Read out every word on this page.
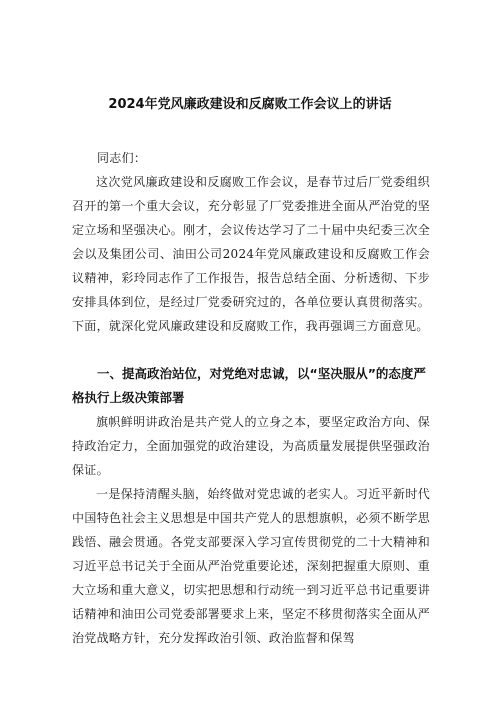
2024年党风廉政建设和反腐败工作会议上的讲话
同志们：

这次党风廉政建设和反腐败工作会议，是春节过后厂党委组织召开的第一个重大会议，充分彰显了厂党委推进全面从严治党的坚定立场和坚强决心。刚才，会议传达学习了二十届中央纪委三次全会以及集团公司、油田公司2024年党风廉政建设和反腐败工作会议精神，彩玲同志作了工作报告，报告总结全面、分析透彻、下步安排具体到位，是经过厂党委研究过的，各单位要认真贯彻落实。下面，就深化党风廉政建设和反腐败工作，我再强调三方面意见。

一、提高政治站位，对党绝对忠诚，以“坚决服从”的态度严格执行上级决策部署

旗帜鲜明讲政治是共产党人的立身之本，要坚定政治方向、保持政治定力，全面加强党的政治建设，为高质量发展提供坚强政治保证。

一是保持清醒头脑，始终做对党忠诚的老实人。习近平新时代中国特色社会主义思想是中国共产党人的思想旗帜，必须不断学思践悟、融会贯通。各党支部要深入学习宣传贯彻党的二十大精神和习近平总书记关于全面从严治党重要论述，深刻把握重大原则、重大立场和重大意义，切实把思想和行动统一到习近平总书记重要讲话精神和油田公司党委部署要求上来，坚定不移贯彻落实全面从严治党战略方针，充分发挥政治引领、政治监督和保驾
